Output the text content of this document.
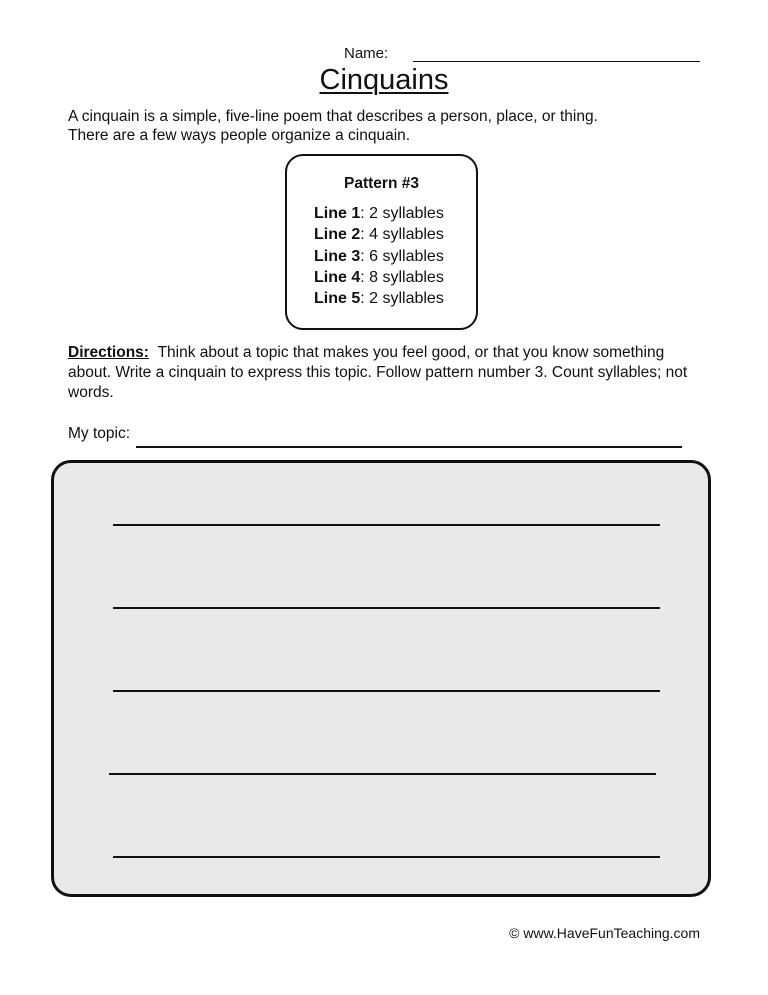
Name:
Cinquains
A cinquain is a simple, five-line poem that describes a person, place, or thing.
There are a few ways people organize a cinquain.
Pattern #3
Line 1: 2 syllables
Line 2: 4 syllables
Line 3: 6 syllables
Line 4: 8 syllables
Line 5: 2 syllables
Directions: Think about a topic that makes you feel good, or that you know something about. Write a cinquain to express this topic. Follow pattern number 3. Count syllables; not words.
My topic:
© www.HaveFunTeaching.com
